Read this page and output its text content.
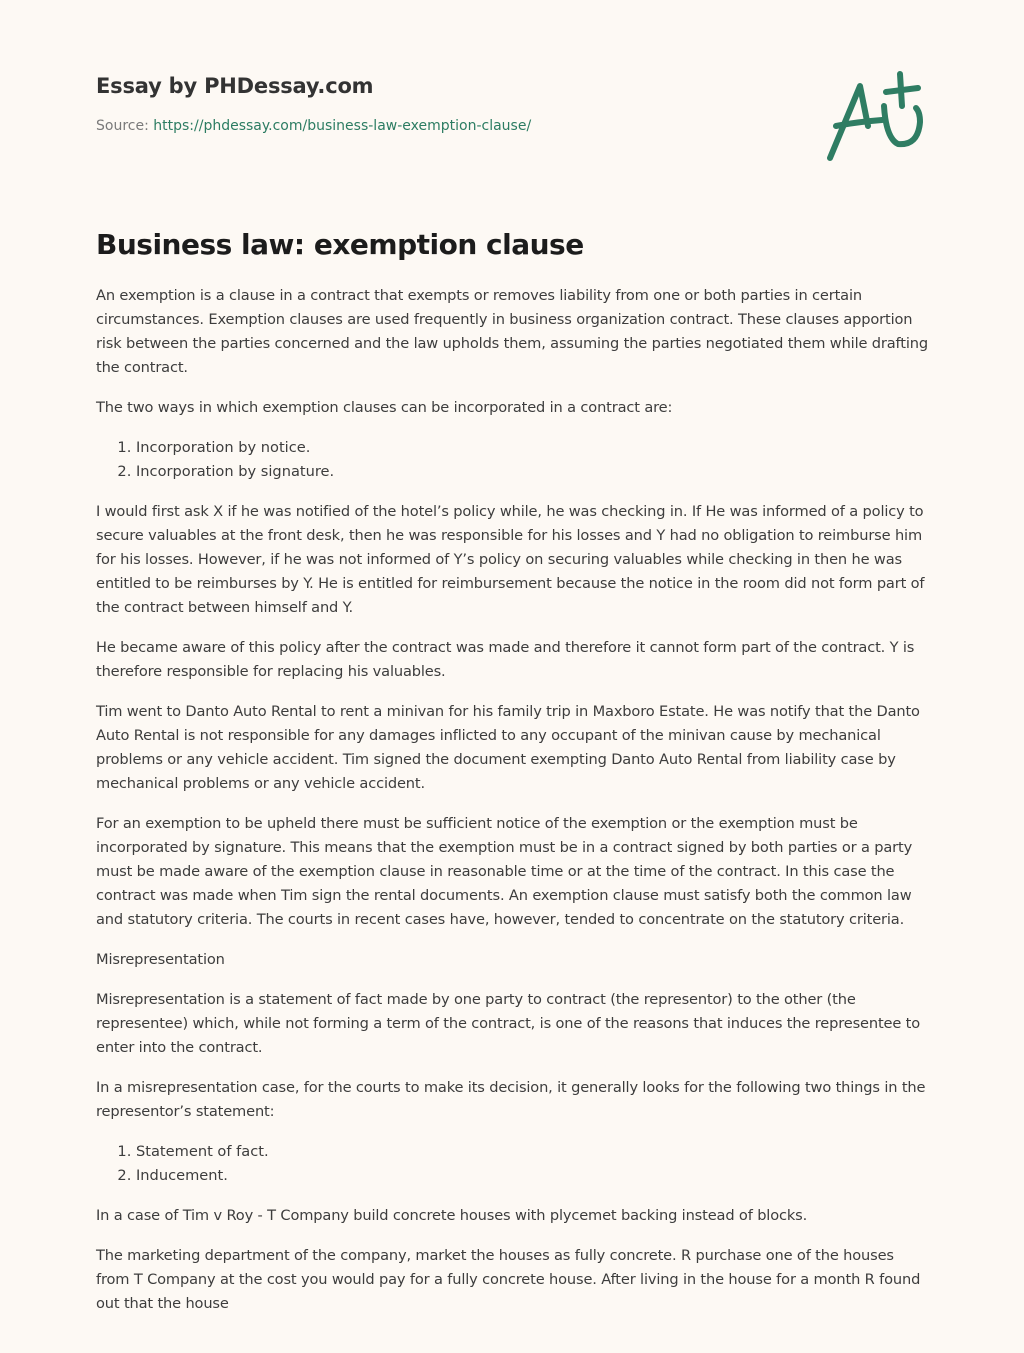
Essay by PHDessay.com
Source: https://phdessay.com/business-law-exemption-clause/
Business law: exemption clause

An exemption is a clause in a contract that exempts or removes liability from one or both parties in certain circumstances. Exemption clauses are used frequently in business organization contract. These clauses apportion risk between the parties concerned and the law upholds them, assuming the parties negotiated them while drafting the contract.

The two ways in which exemption clauses can be incorporated in a contract are:

1. Incorporation by notice.
2. Incorporation by signature.

I would first ask X if he was notified of the hotel’s policy while, he was checking in. If He was informed of a policy to secure valuables at the front desk, then he was responsible for his losses and Y had no obligation to reimburse him for his losses. However, if he was not informed of Y’s policy on securing valuables while checking in then he was entitled to be reimburses by Y. He is entitled for reimbursement because the notice in the room did not form part of the contract between himself and Y.

He became aware of this policy after the contract was made and therefore it cannot form part of the contract. Y is therefore responsible for replacing his valuables.

Tim went to Danto Auto Rental to rent a minivan for his family trip in Maxboro Estate. He was notify that the Danto Auto Rental is not responsible for any damages inflicted to any occupant of the minivan cause by mechanical problems or any vehicle accident. Tim signed the document exempting Danto Auto Rental from liability case by mechanical problems or any vehicle accident.

For an exemption to be upheld there must be sufficient notice of the exemption or the exemption must be incorporated by signature. This means that the exemption must be in a contract signed by both parties or a party must be made aware of the exemption clause in reasonable time or at the time of the contract. In this case the contract was made when Tim sign the rental documents. An exemption clause must satisfy both the common law and statutory criteria. The courts in recent cases have, however, tended to concentrate on the statutory criteria.

Misrepresentation

Misrepresentation is a statement of fact made by one party to contract (the representor) to the other (the representee) which, while not forming a term of the contract, is one of the reasons that induces the representee to enter into the contract.

In a misrepresentation case, for the courts to make its decision, it generally looks for the following two things in the representor’s statement:

1. Statement of fact.
2. Inducement.

In a case of Tim v Roy - T Company build concrete houses with plycemet backing instead of blocks.

The marketing department of the company, market the houses as fully concrete. R purchase one of the houses from T Company at the cost you would pay for a fully concrete house. After living in the house for a month R found out that the house
